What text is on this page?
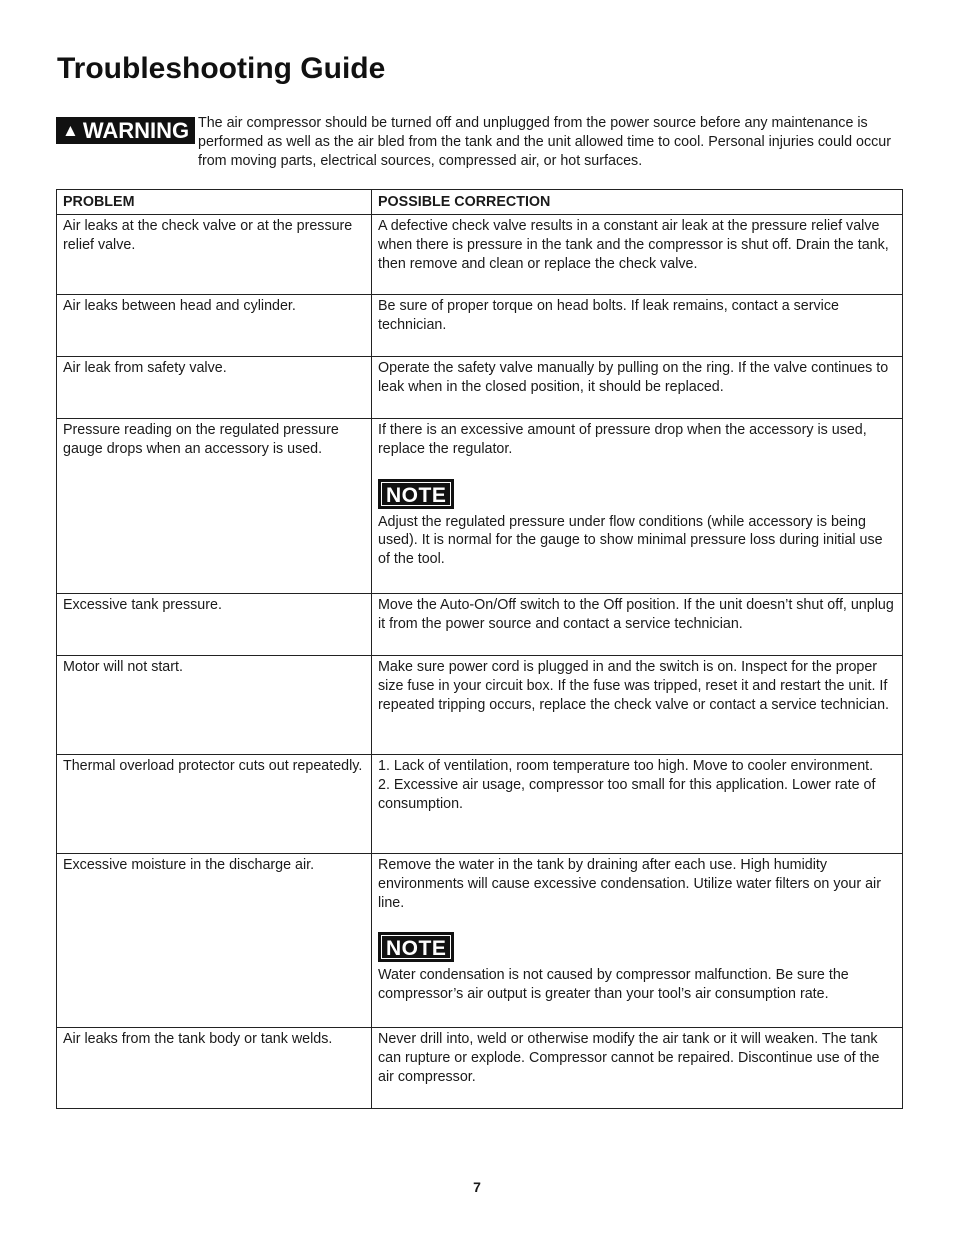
Troubleshooting Guide
▲ WARNING The air compressor should be turned off and unplugged from the power source before any maintenance is performed as well as the air bled from the tank and the unit allowed time to cool. Personal injuries could occur from moving parts, electrical sources, compressed air, or hot surfaces.
PROBLEM	POSSIBLE CORRECTION
Air leaks at the check valve or at the pressure relief valve.	A defective check valve results in a constant air leak at the pressure relief valve when there is pressure in the tank and the compressor is shut off. Drain the tank, then remove and clean or replace the check valve.
Air leaks between head and cylinder.	Be sure of proper torque on head bolts. If leak remains, contact a service technician.
Air leak from safety valve.	Operate the safety valve manually by pulling on the ring. If the valve continues to leak when in the closed position, it should be replaced.
Pressure reading on the regulated pressure gauge drops when an accessory is used.	If there is an excessive amount of pressure drop when the accessory is used, replace the regulator.
NOTE
Adjust the regulated pressure under flow conditions (while accessory is being used). It is normal for the gauge to show minimal pressure loss during initial use of the tool.

Excessive tank pressure.	Move the Auto-On/Off switch to the Off position. If the unit doesn’t shut off, unplug it from the power source and contact a service technician.
Motor will not start.	Make sure power cord is plugged in and the switch is on. Inspect for the proper size fuse in your circuit box. If the fuse was tripped, reset it and restart the unit. If repeated tripping occurs, replace the check valve or contact a service technician.
Thermal overload protector cuts out repeatedly.	1. Lack of ventilation, room temperature too high. Move to cooler environment.
2. Excessive air usage, compressor too small for this application. Lower rate of consumption.

Excessive moisture in the discharge air.	Remove the water in the tank by draining after each use. High humidity environments will cause excessive condensation. Utilize water filters on your air line.
NOTE
Water condensation is not caused by compressor malfunction. Be sure the compressor’s air output is greater than your tool’s air consumption rate.

Air leaks from the tank body or tank welds.	Never drill into, weld or otherwise modify the air tank or it will weaken. The tank can rupture or explode. Compressor cannot be repaired. Discontinue use of the air compressor.
7
